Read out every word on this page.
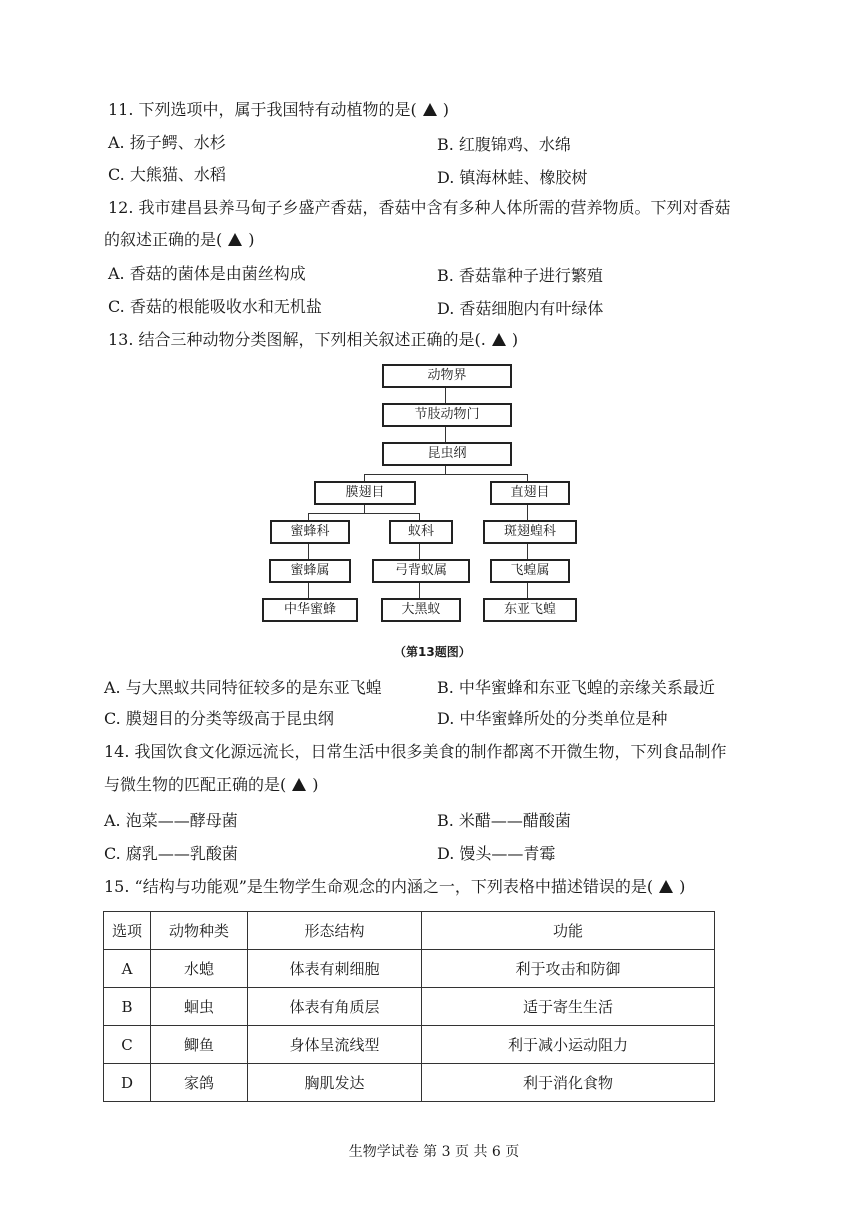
11. 下列选项中，属于我国特有动植物的是( )
A. 扬子鳄、水杉	B. 红腹锦鸡、水绵
C. 大熊猫、水稻	D. 镇海林蛙、橡胶树
12. 我市建昌县养马甸子乡盛产香菇，香菇中含有多种人体所需的营养物质。下列对香菇
的叙述正确的是( )
A. 香菇的菌体是由菌丝构成	B. 香菇靠种子进行繁殖
C. 香菇的根能吸收水和无机盐	D. 香菇细胞内有叶绿体
13. 结合三种动物分类图解，下列相关叙述正确的是(. )
动物界
节肢动物门
昆虫纲
膜翅目	直翅目
蜜蜂科	蚁科	斑翅蝗科
蜜蜂属	弓背蚁属	飞蝗属
中华蜜蜂	大黑蚁	东亚飞蝗
（第13题图）
A. 与大黑蚁共同特征较多的是东亚飞蝗	B. 中华蜜蜂和东亚飞蝗的亲缘关系最近
C. 膜翅目的分类等级高于昆虫纲	D. 中华蜜蜂所处的分类单位是种
14. 我国饮食文化源远流长，日常生活中很多美食的制作都离不开微生物，下列食品制作
与微生物的匹配正确的是( )
A. 泡菜——酵母菌	B. 米醋——醋酸菌
C. 腐乳——乳酸菌	D. 馒头——青霉
15. “结构与功能观”是生物学生命观念的内涵之一，下列表格中描述错误的是( )
选项	动物种类	形态结构	功能
A	水螅	体表有刺细胞	利于攻击和防御
B	蛔虫	体表有角质层	适于寄生生活
C	鲫鱼	身体呈流线型	利于减小运动阻力
D	家鸽	胸肌发达	利于消化食物
生物学试卷 第 3 页 共 6 页
